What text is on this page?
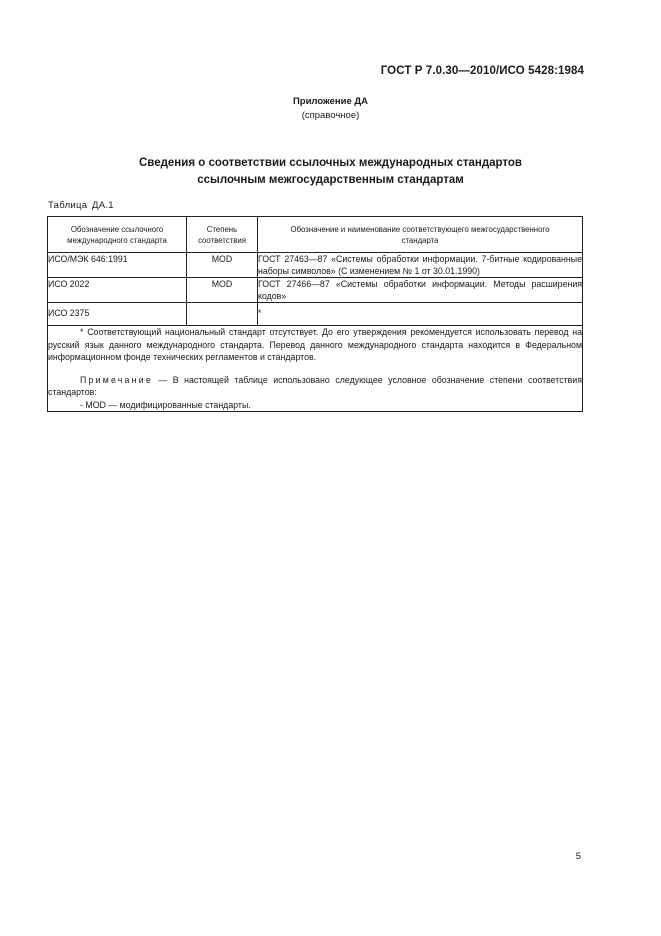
ГОСТ Р 7.0.30—2010/ИСО 5428:1984
Приложение ДА
(справочное)
Сведения о соответствии ссылочных международных стандартов
ссылочным межгосударственным стандартам
Таблица ДА.1
Обозначение ссылочного международного стандарта	Степень соответствия	Обозначение и наименование соответствующего межгосударственного стандарта
ИСО/МЭК 646:1991	MOD	ГОСТ 27463—87 «Системы обработки информации. 7-битные кодированные наборы символов» (С изменением № 1 от 30.01.1990)
ИСО 2022	MOD	ГОСТ 27466—87 «Системы обработки информации. Методы расширения кодов»
ИСО 2375		*

* Соответствующий национальный стандарт отсутствует. До его утверждения рекомендуется использовать перевод на русский язык данного международного стандарта. Перевод данного международного стандарта находится в Федеральном информационном фонде технических регламентов и стандартов.

Примечание — В настоящей таблице использовано следующее условное обозначение степени соответствия стандартов:

- MOD — модифицированные стандарты.		

5
